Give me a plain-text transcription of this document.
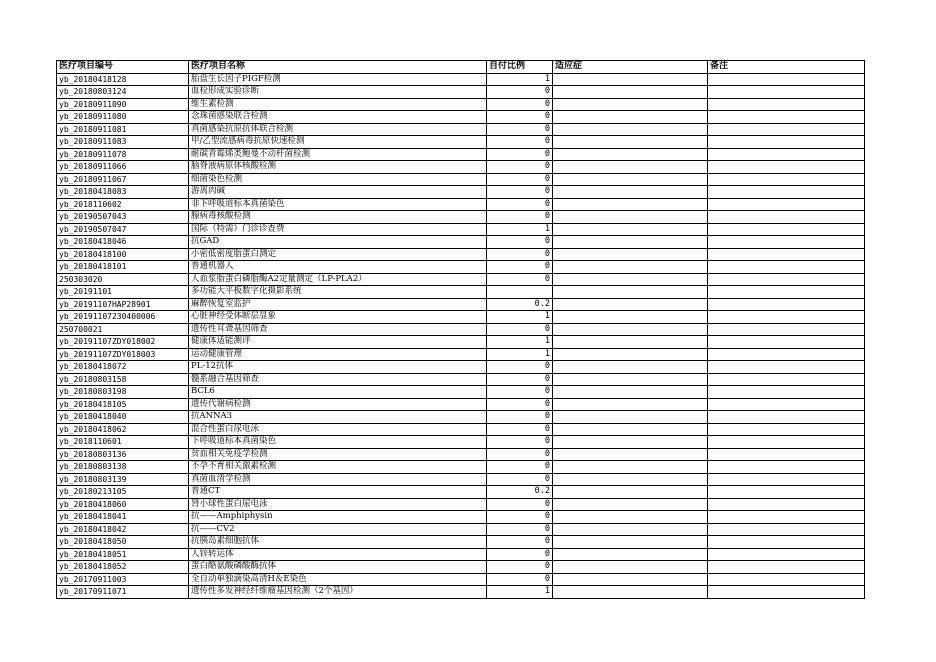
医疗项目编号	医疗项目名称	自付比例	适应症	备注
yb_20180418128	胎盘生长因子PIGF检测	1		
yb_20180803124	血栓形成实验诊断	0		
yb_20180911090	维生素检测	0		
yb_20180911080	念珠菌感染联合检测	0		
yb_20180911081	真菌感染抗原抗体联合检测	0		
yb_20180911083	甲/乙型流感病毒抗原快速检测	0		
yb_20180911078	耐碳青霉烯类鲍曼不动杆菌检测	0		
yb_20180911066	脑脊液病原体核酸检测	0		
yb_20180911067	细菌染色检测	0		
yb_20180418083	游离肉碱	0		
yb_2018110602	非下呼吸道标本真菌染色	0		
yb_20190507043	腺病毒核酸检测	0		
yb_20190507047	国际（特需）门诊诊查费	1		
yb_20180418046	抗GAD	0		
yb_20180418100	小密低密度脂蛋白测定	0		
yb_20180418101	普通机器人	0		
250303020	人血浆脂蛋白磷脂酶A2定量测定（LP-PLA2）	0		
yb_20191101	多功能大平板数字化摄影系统			
yb_20191107HAP28901	麻醉恢复室监护	0.2		
yb_20191107230400006	心脏神经受体断层显象	1		
250700021	遗传性耳聋基因筛查	0		
yb_20191107ZDY018002	健康体适能测评	1		
yb_20191107ZDY018003	运动健康管理	1		
yb_20180418072	PL-12抗体	0		
yb_20180803158	髓系融合基因筛查	0		
yb_20180803198	BCL6	0		
yb_20180418105	遗传代谢病检测	0		
yb_20180418040	抗ANNA3	0		
yb_20180418062	混合性蛋白尿电泳	0		
yb_2018110601	下呼吸道标本真菌染色	0		
yb_20180803136	贫血相关免疫学检测	0		
yb_20180803138	不孕不育相关激素检测	0		
yb_20180803139	真菌血清学检测	0		
yb_20180213105	普通CT	0.2		
yb_20180418060	肾小球性蛋白尿电泳	0		
yb_20180418041	抗——Amphiphysin	0		
yb_20180418042	抗——CV2	0		
yb_20180418050	抗胰岛素细胞抗体	0		
yb_20180418051	人锌转运体	0		
yb_20180418052	蛋白酪氨酸磷酸酶抗体	0		
yb_20170911003	全自动单独滴染高清H＆E染色	0		
yb_20170911071	遗传性多发神经纤维瘤基因检测（2个基因）	1		
